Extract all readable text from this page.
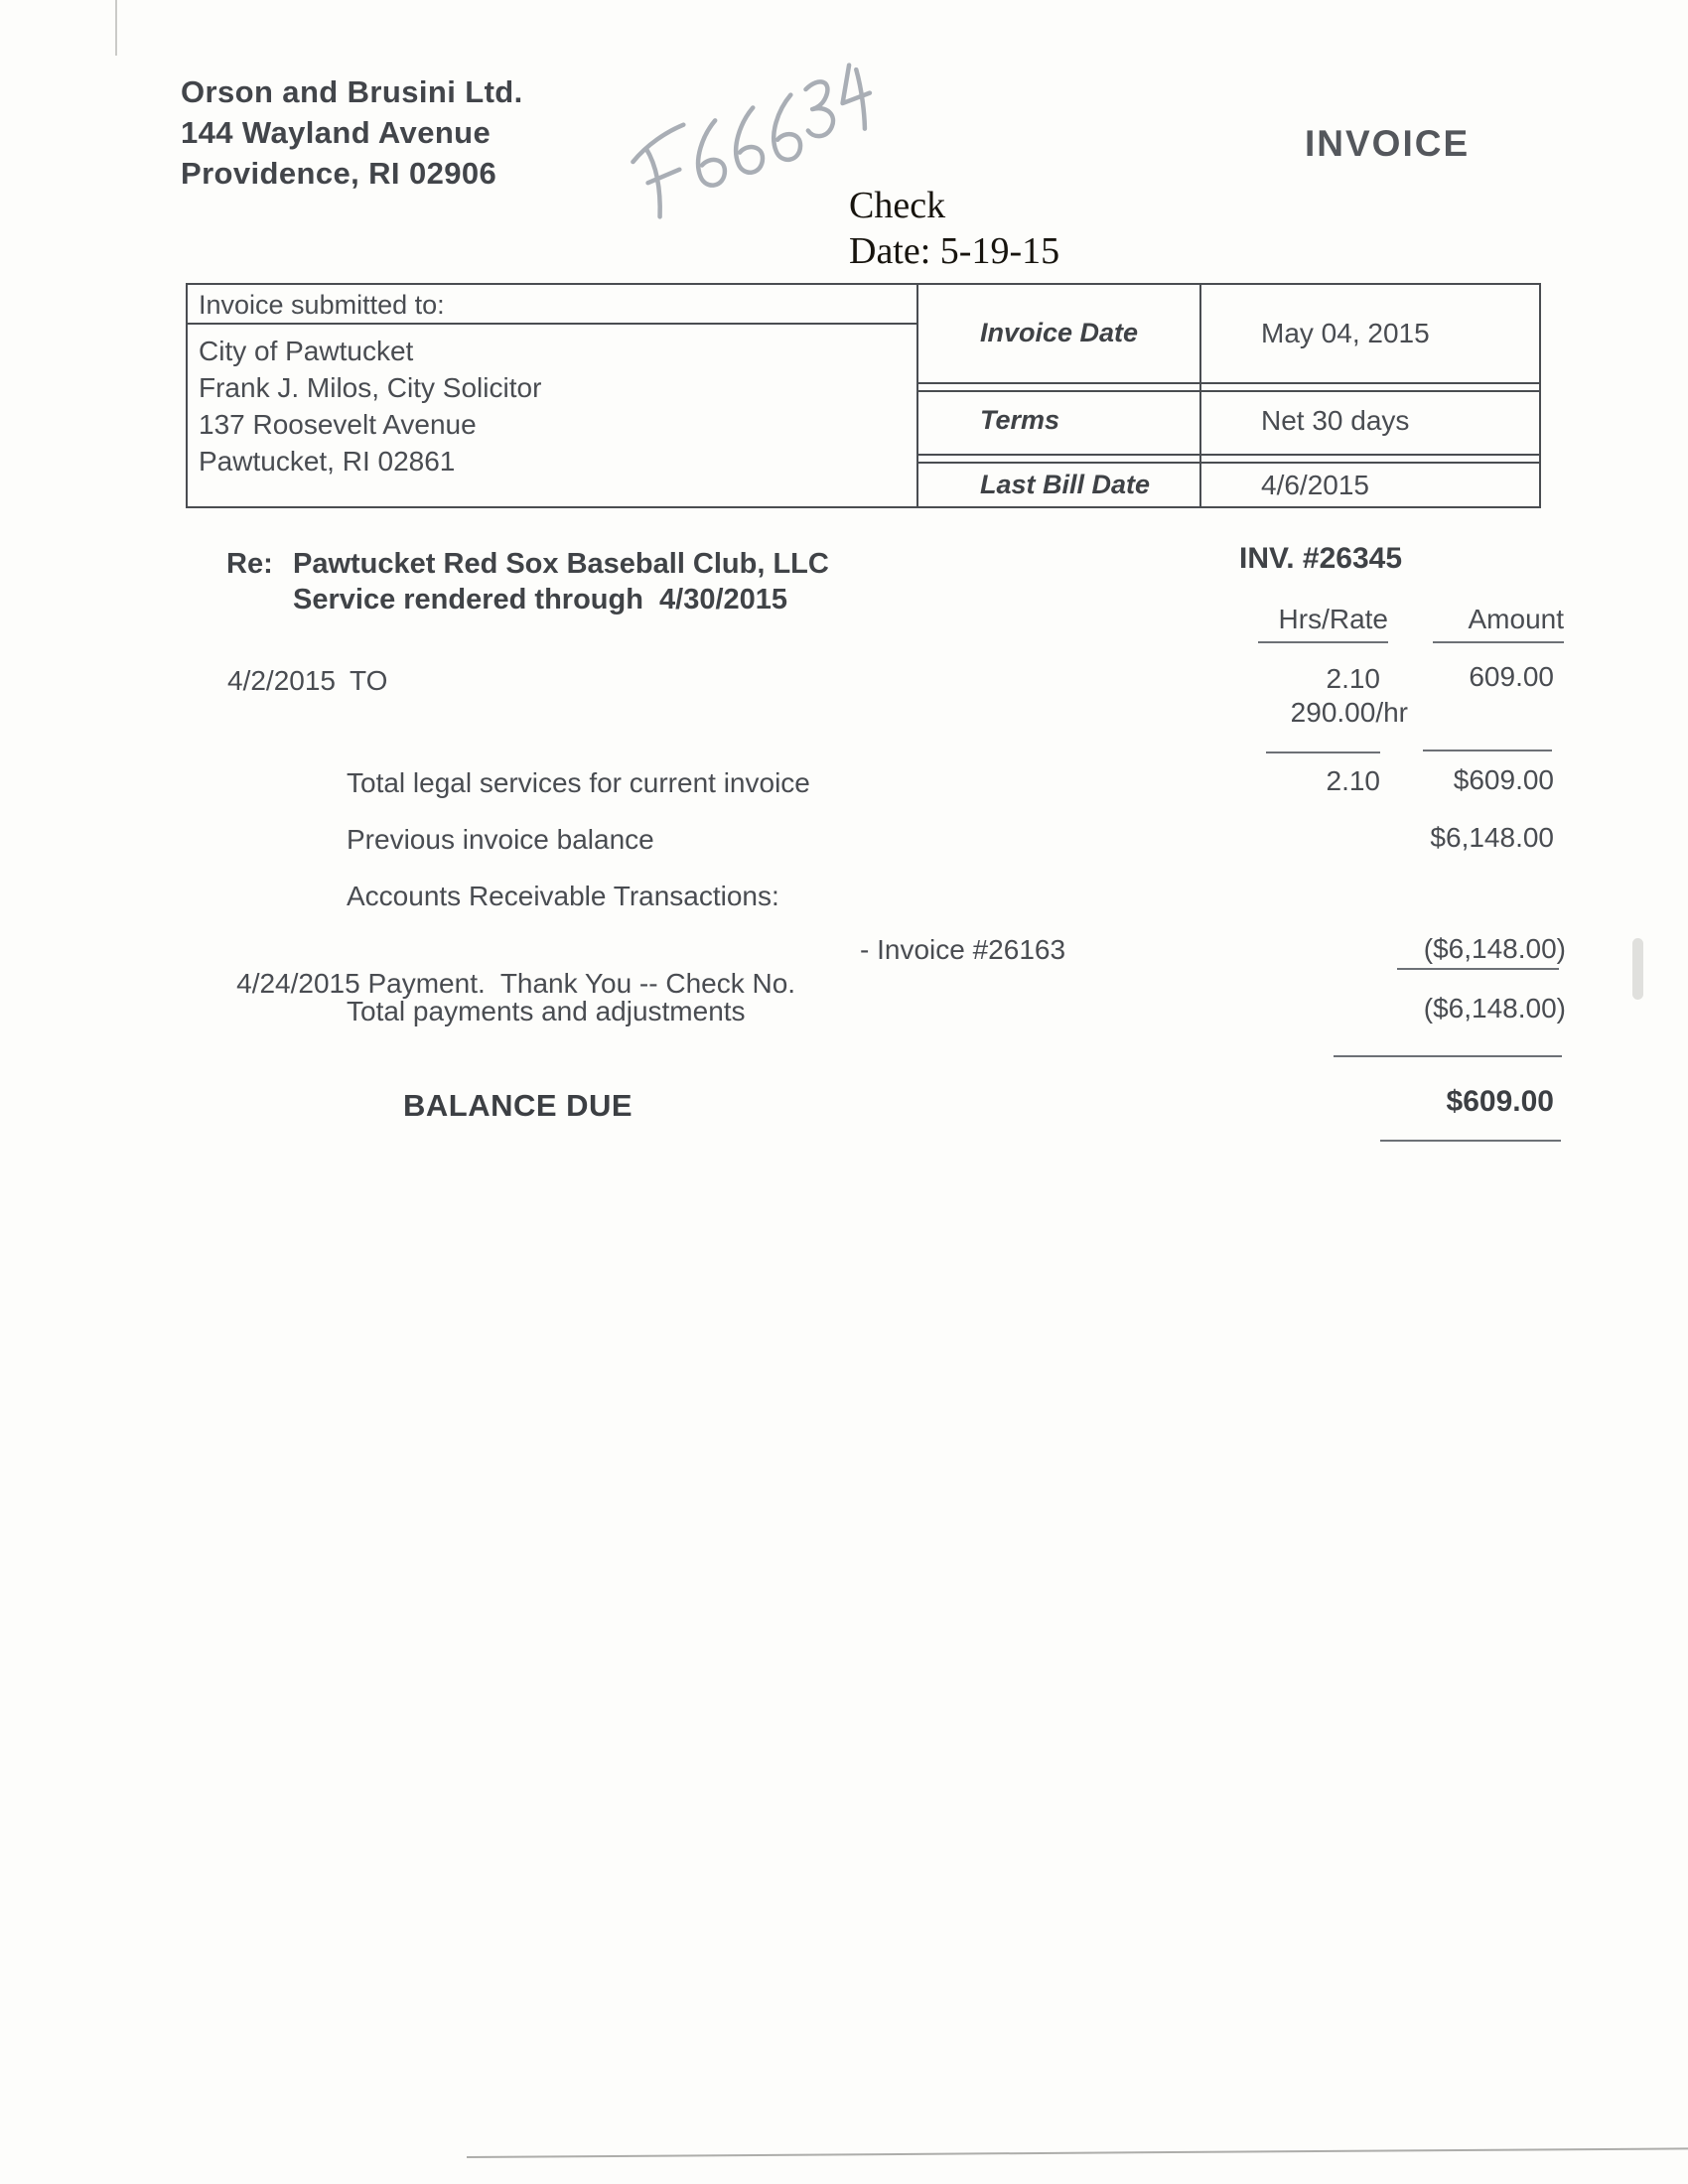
Orson and Brusini Ltd.
144 Wayland Avenue
Providence, RI 02906
Check
Date: 5-19-15
INVOICE
Invoice submitted to:
City of Pawtucket
Frank J. Milos, City Solicitor
137 Roosevelt Avenue
Pawtucket, RI 02861
Invoice Date	May 04, 2015
Terms	Net 30 days
Last Bill Date	4/6/2015
Re: Pawtucket Red Sox Baseball Club, LLC
Service rendered through  4/30/2015
INV. #26345
Hrs/Rate	Amount
4/2/2015 TO	2.10	609.00
290.00/hr
Total legal services for current invoice	2.10	$609.00
Previous invoice balance	$6,148.00
Accounts Receivable Transactions:

4/24/2015 Payment.  Thank You -- Check No.

- Invoice #26163	($6,148.00)
Total payments and adjustments	($6,148.00)
BALANCE DUE	$609.00
